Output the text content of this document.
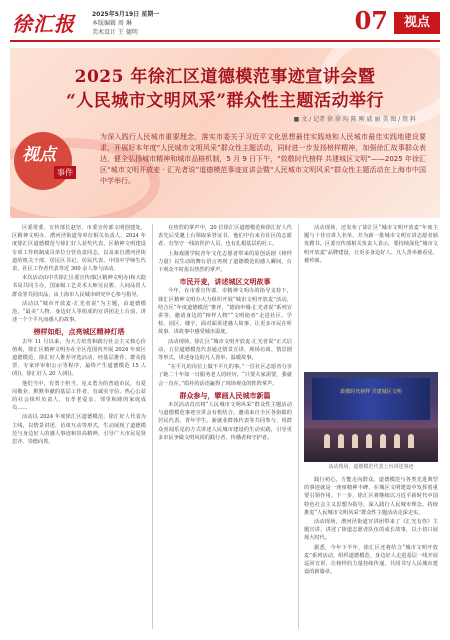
徐汇报	2025年5月19日 星期一
本版编辑 周 琳
美术设计 王 德明	07	视点
2025 年徐汇区道德模范事迹宣讲会暨
“人民城市文明风采”群众性主题活动举行
■ 文 / 记者 徐 徐 均 陈 刚 戚 丽 美 图 / 资 料
视点
事件
为深入践行人民城市重要理念，落实市委关于习近平文化思想最佳实践地和人民城市最佳实践地建设要求，开展好本年度“人民城市文明风采”群众性主题活动，同时进一步发扬榜样精神，加强徐汇故事群众表达，健全弘扬城市精神和城市品格机制，5 月 9 日下午，“致敬时代榜样 共建城区文明”——2025 年徐汇区“城市文明开放麦 · 汇光者说”道德模范事迹宣讲会暨“人民城市文明风采”群众性主题活动在上海市中国中学举行。

区委常委、宣传部长赵坚、市委宣传部文明创建处、区精神文明办、漕河泾街道等单位相关负责人、2024 年度徐汇区道德模范与徐汇好人获奖代表，区精神文明建设专项工作机制成员单位分管负责同志，以及来自漕河泾街道的机关干部、居民区书记、居民代表、中国中学师生代表、社区工作者代表等近 300 余人参与活动。

本次活动由中共徐汇区委宣传部(区精神文明办)和大隐书局共同主办，国家级工艺美术大师吴良骏、人间品赏人群众等共同出品，由上海市人民城市研究中心参与指导。

活动以“城市开放麦·汇光者说”为主题，由道德模范、“最美”人物、身边好人等组成的宣讲团走上台前，讲述一个个平凡而感人的故事。

榜样如炬，点亮城区精神灯塔

去年 11 月以来，为大力培育和践行社会主义核心价值观，徐汇区精神文明办在全区范围内开展 2024 年度区道德模范、徐汇好人推荐评选活动，经基层推荐、群众投票、专家评审和公示等程序，最终产生道德模范 15 人(组)，徐汇好人 20 人(组)。

他们当中，有勇于担当、见义勇为的普通市民，有爱岗敬业、默默奉献的基层工作者，有诚实守信、热心公益的社会组织负责人，有孝老爱亲、邻里和睦的家庭成员……

活动以 2024 年度徐汇区道德模范、徐汇好人代表为主线，以情景讲述、访谈互动等形式，生动展现了道德模范与身边好人的感人事迹和崇高精神，引导广大市民见贤思齐、崇德向善。

在热烈的掌声中，20 位徐汇区道德模范和徐汇好人代表先后受邀上台领取荣誉证书，他们中有来自社区的志愿者，有坚守一线的医护人员，也有扎根基层的社工。

上海戏剧学院青年文化志愿者带来的原创话剧《榜样力量》以生动的舞台语言再现了道德模范的感人瞬间，台下观众不时报以热烈的掌声。

市民开麦，讲述城区文明故事

今年，在市委宣传部、市精神文明办的指导支持下，徐汇区精神文明办大力组织开展“城市文明开放麦”活动，结合区“年度道德模范”推评，“德润申城·汇光者说”系列宣讲等，邀请身边的“榜样人物”“文明使者”走进社区、学校、园区、楼宇，面对面讲述感人故事，让更多市民在听故事、讲故事中感受城市温度。

活动现场，徐汇区“城市文明开放麦·汇光者说”正式启动，五位道德模范代表通过情景宣讲、现场访谈、情景剧等形式，讲述身边的凡人善举、温暖故事。

“在平凡的岗位上做不平凡的事。”一位社区志愿者分享了她二十年如一日服务老人的经历，“只要大家需要，我就会一直在。”质朴的话语赢得了现场观众的阵阵掌声。

群众参与，擘画人民城市新篇

本次活动首次将“人民城市文明风采”群众性主题活动与道德模范事迹宣讲会有机结合，邀请来自全区各街镇的居民代表、青年学生、新就业群体代表等共同参与，用群众喜闻乐见的方式讲述人民城市建设的生动实践，引导更多市民争做文明风尚的践行者、传播者和守护者。

活动现场，还发布了徐汇区“城市文明开放麦”年度主题与十佳宣讲人名单，并为新一批城市文明宣讲志愿者颁发聘书。区委宣传部相关负责人表示，要持续深化“城市文明开放麦”品牌建设，让更多身边好人、凡人善举被看见、被传颂。

致敬时代榜样 共建城区文明
活动现场，道德模范代表上台讲述事迹

践行初心，方能走向群众。道德模范与各类先进典型的事迹就是一座座精神丰碑，在城区文明建设中发挥着重要引领作用。下一步，徐汇区将继续以习近平新时代中国特色社会主义思想为指导，深入践行人民城市理念，持续推进“人民城市文明风采”群众性主题活动走深走实。

活动现场，漕河泾街道宣讲团带来了《汇光有你》主题宣讲，讲述了街道志愿者队伍的成长故事，以小切口展现大时代。

据悉，今年下半年，徐汇区还将结合“城市文明开放麦”系列活动，组织道德模范、身边好人走进基层一线开展巡回宣讲，让榜样的力量持续传递，共同书写人民城市建设的新篇章。
